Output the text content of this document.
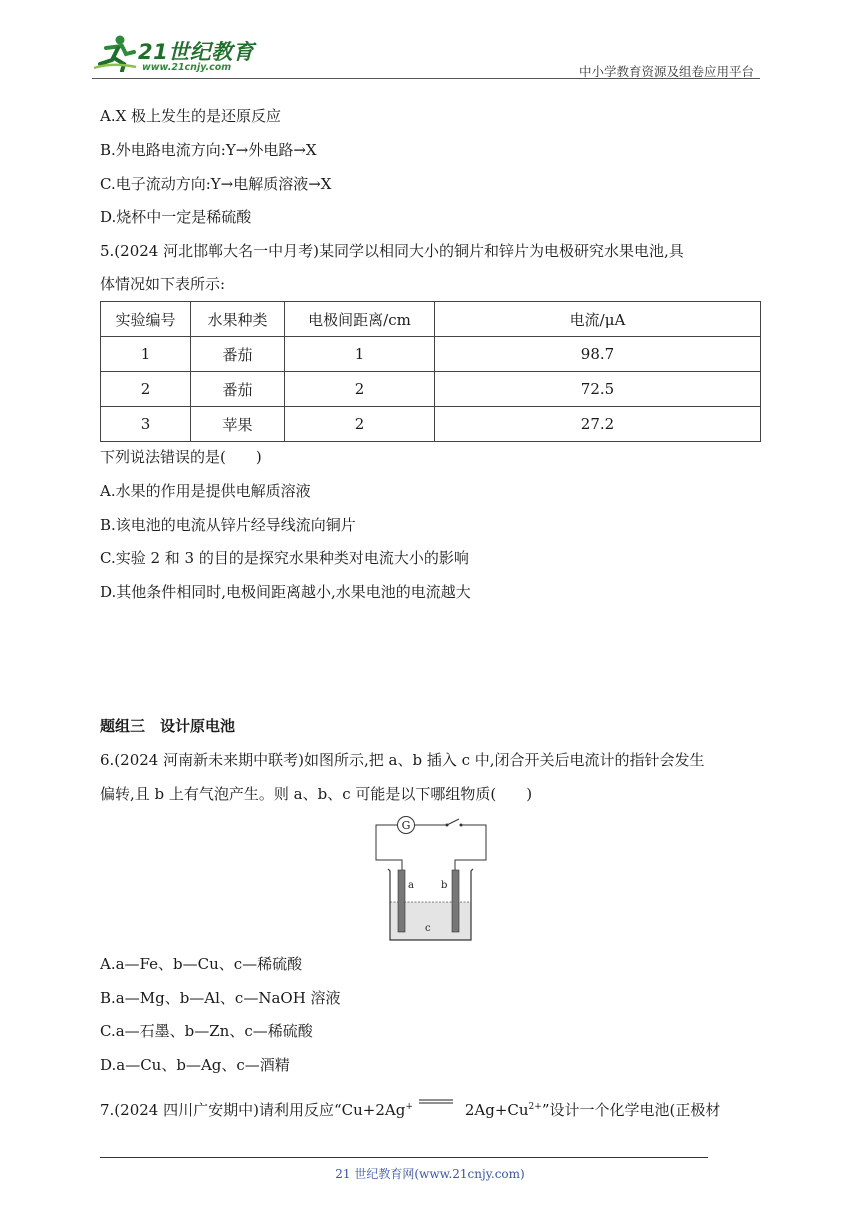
21世纪教育
www.21cnjy.com	中小学教育资源及组卷应用平台
A.X 极上发生的是还原反应
B.外电路电流方向:Y→外电路→X
C.电子流动方向:Y→电解质溶液→X
D.烧杯中一定是稀硫酸
5.(2024 河北邯郸大名一中月考)某同学以相同大小的铜片和锌片为电极研究水果电池,具
体情况如下表所示:
实验编号	水果种类	电极间距离/cm	电流/μA
1	番茄	1	98.7
2	番茄	2	72.5
3	苹果	2	27.2
下列说法错误的是(　　)
A.水果的作用是提供电解质溶液
B.该电池的电流从锌片经导线流向铜片
C.实验 2 和 3 的目的是探究水果种类对电流大小的影响
D.其他条件相同时,电极间距离越小,水果电池的电流越大
题组三　设计原电池
6.(2024 河南新未来期中联考)如图所示,把 a、b 插入 c 中,闭合开关后电流计的指针会发生
偏转,且 b 上有气泡产生。则 a、b、c 可能是以下哪组物质(　　)
G
a	b
c
A.a—Fe、b—Cu、c—稀硫酸
B.a—Mg、b—Al、c—NaOH 溶液
C.a—石墨、b—Zn、c—稀硫酸
D.a—Cu、b—Ag、c—酒精
7.(2024 四川广安期中)请利用反应“Cu+2Ag+	$2Ag+Cu^{2+}$”设计一个化学电池(正极材
21 世纪教育网(www.21cnjy.com)
